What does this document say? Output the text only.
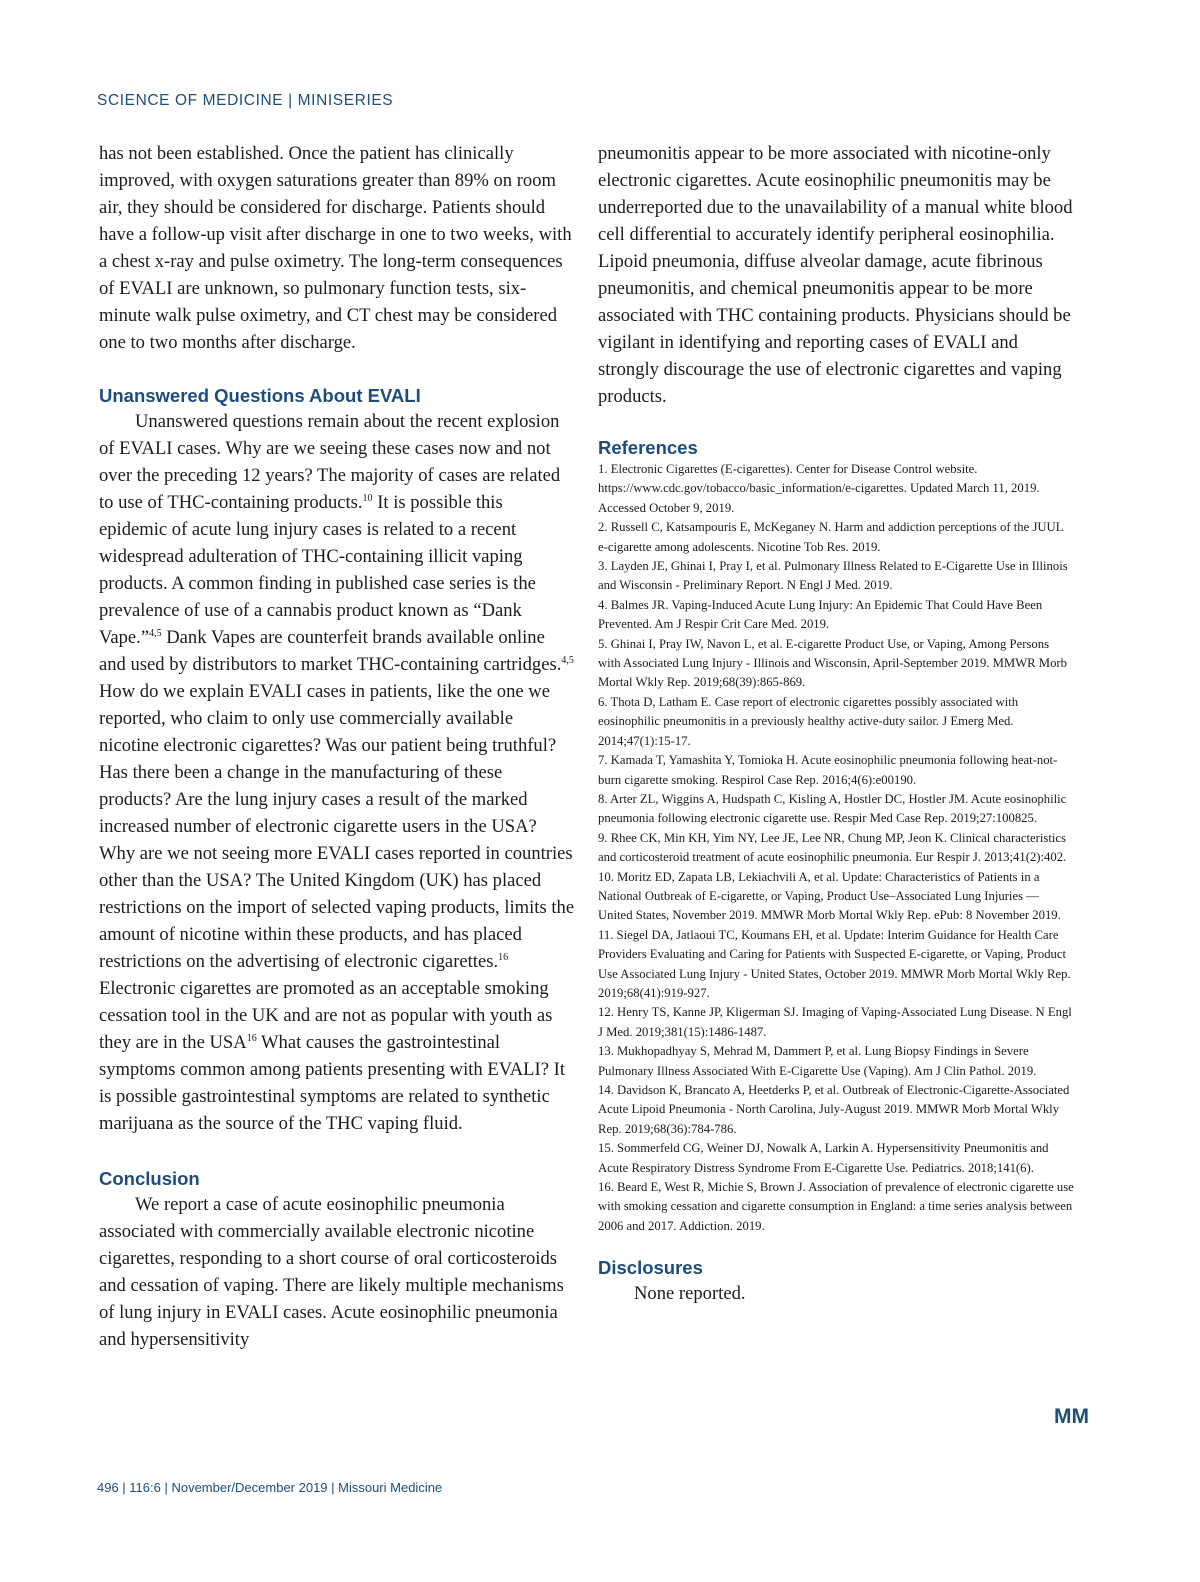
SCIENCE OF MEDICINE | MINISERIES

has not been established. Once the patient has clinically improved, with oxygen saturations greater than 89% on room air, they should be considered for discharge. Patients should have a follow-up visit after discharge in one to two weeks, with a chest x-ray and pulse oximetry. The long-term consequences of EVALI are unknown, so pulmonary function tests, six-minute walk pulse oximetry, and CT chest may be considered one to two months after discharge.

Unanswered Questions About EVALI

Unanswered questions remain about the recent explosion of EVALI cases. Why are we seeing these cases now and not over the preceding 12 years? The majority of cases are related to use of THC-containing products.$^{10}$ It is possible this epidemic of acute lung injury cases is related to a recent widespread adulteration of THC-containing illicit vaping products. A common finding in published case series is the prevalence of use of a cannabis product known as “Dank Vape.”$^{4,5}$ Dank Vapes are counterfeit brands available online and used by distributors to market THC-containing cartridges.$^{4,5}$ How do we explain EVALI cases in patients, like the one we reported, who claim to only use commercially available nicotine electronic cigarettes? Was our patient being truthful? Has there been a change in the manufacturing of these products? Are the lung injury cases a result of the marked increased number of electronic cigarette users in the USA? Why are we not seeing more EVALI cases reported in countries other than the USA? The United Kingdom (UK) has placed restrictions on the import of selected vaping products, limits the amount of nicotine within these products, and has placed restrictions on the advertising of electronic cigarettes.$^{16}$ Electronic cigarettes are promoted as an acceptable smoking cessation tool in the UK and are not as popular with youth as they are in the USA$^{16}$ What causes the gastrointestinal symptoms common among patients presenting with EVALI? It is possible gastrointestinal symptoms are related to synthetic marijuana as the source of the THC vaping fluid.

Conclusion

We report a case of acute eosinophilic pneumonia associated with commercially available electronic nicotine cigarettes, responding to a short course of oral corticosteroids and cessation of vaping. There are likely multiple mechanisms of lung injury in EVALI cases. Acute eosinophilic pneumonia and hypersensitivity

pneumonitis appear to be more associated with nicotine-only electronic cigarettes. Acute eosinophilic pneumonitis may be underreported due to the unavailability of a manual white blood cell differential to accurately identify peripheral eosinophilia. Lipoid pneumonia, diffuse alveolar damage, acute fibrinous pneumonitis, and chemical pneumonitis appear to be more associated with THC containing products. Physicians should be vigilant in identifying and reporting cases of EVALI and strongly discourage the use of electronic cigarettes and vaping products.

References
1. Electronic Cigarettes (E-cigarettes). Center for Disease Control website. https://www.cdc.gov/tobacco/basic_information/e-cigarettes. Updated March 11, 2019. Accessed October 9, 2019.
2. Russell C, Katsampouris E, McKeganey N. Harm and addiction perceptions of the JUUL e-cigarette among adolescents. Nicotine Tob Res. 2019.
3. Layden JE, Ghinai I, Pray I, et al. Pulmonary Illness Related to E-Cigarette Use in Illinois and Wisconsin - Preliminary Report. N Engl J Med. 2019.
4. Balmes JR. Vaping-Induced Acute Lung Injury: An Epidemic That Could Have Been Prevented. Am J Respir Crit Care Med. 2019.
5. Ghinai I, Pray IW, Navon L, et al. E-cigarette Product Use, or Vaping, Among Persons with Associated Lung Injury - Illinois and Wisconsin, April-September 2019. MMWR Morb Mortal Wkly Rep. 2019;68(39):865-869.
6. Thota D, Latham E. Case report of electronic cigarettes possibly associated with eosinophilic pneumonitis in a previously healthy active-duty sailor. J Emerg Med. 2014;47(1):15-17.
7. Kamada T, Yamashita Y, Tomioka H. Acute eosinophilic pneumonia following heat-not-burn cigarette smoking. Respirol Case Rep. 2016;4(6):e00190.
8. Arter ZL, Wiggins A, Hudspath C, Kisling A, Hostler DC, Hostler JM. Acute eosinophilic pneumonia following electronic cigarette use. Respir Med Case Rep. 2019;27:100825.
9. Rhee CK, Min KH, Yim NY, Lee JE, Lee NR, Chung MP, Jeon K. Clinical characteristics and corticosteroid treatment of acute eosinophilic pneumonia. Eur Respir J. 2013;41(2):402.
10. Moritz ED, Zapata LB, Lekiachvili A, et al. Update: Characteristics of Patients in a National Outbreak of E-cigarette, or Vaping, Product Use–Associated Lung Injuries — United States, November 2019. MMWR Morb Mortal Wkly Rep. ePub: 8 November 2019.
11. Siegel DA, Jatlaoui TC, Koumans EH, et al. Update: Interim Guidance for Health Care Providers Evaluating and Caring for Patients with Suspected E-cigarette, or Vaping, Product Use Associated Lung Injury - United States, October 2019. MMWR Morb Mortal Wkly Rep. 2019;68(41):919-927.
12. Henry TS, Kanne JP, Kligerman SJ. Imaging of Vaping-Associated Lung Disease. N Engl J Med. 2019;381(15):1486-1487.
13. Mukhopadhyay S, Mehrad M, Dammert P, et al. Lung Biopsy Findings in Severe Pulmonary Illness Associated With E-Cigarette Use (Vaping). Am J Clin Pathol. 2019.
14. Davidson K, Brancato A, Heetderks P, et al. Outbreak of Electronic-Cigarette-Associated Acute Lipoid Pneumonia - North Carolina, July-August 2019. MMWR Morb Mortal Wkly Rep. 2019;68(36):784-786.
15. Sommerfeld CG, Weiner DJ, Nowalk A, Larkin A. Hypersensitivity Pneumonitis and Acute Respiratory Distress Syndrome From E-Cigarette Use. Pediatrics. 2018;141(6).
16. Beard E, West R, Michie S, Brown J. Association of prevalence of electronic cigarette use with smoking cessation and cigarette consumption in England: a time series analysis between 2006 and 2017. Addiction. 2019.
Disclosures

None reported.

MM
496 | 116:6 | November/December 2019 | Missouri Medicine
